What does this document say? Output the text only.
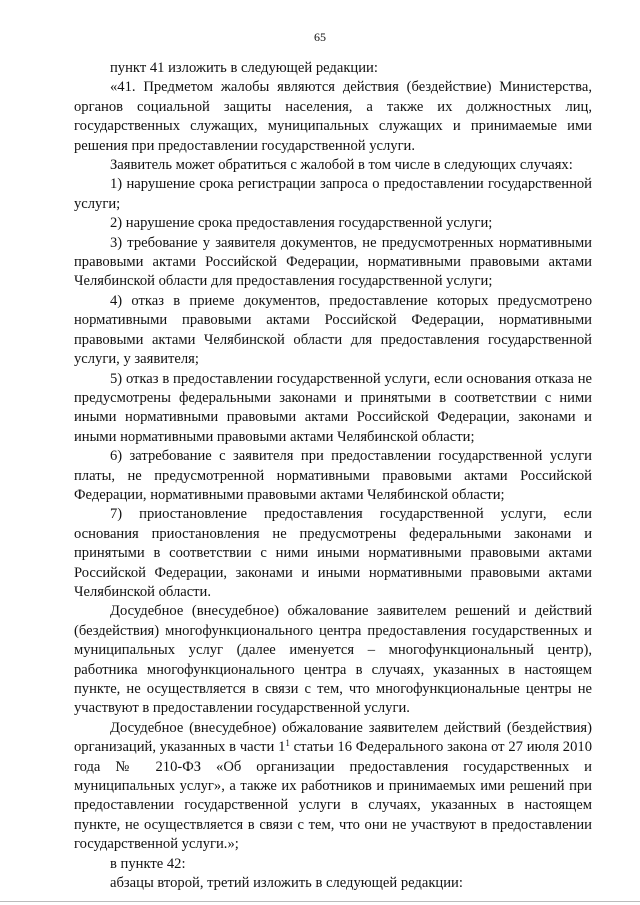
65

пункт 41 изложить в следующей редакции:

«41. Предметом жалобы являются действия (бездействие) Министерства, органов социальной защиты населения, а также их должностных лиц, государственных служащих, муниципальных служащих и принимаемые ими решения при предоставлении государственной услуги.

Заявитель может обратиться с жалобой в том числе в следующих случаях:

1) нарушение срока регистрации запроса о предоставлении государственной услуги;

2) нарушение срока предоставления государственной услуги;

3) требование у заявителя документов, не предусмотренных нормативными правовыми актами Российской Федерации, нормативными правовыми актами Челябинской области для предоставления государственной услуги;

4) отказ в приеме документов, предоставление которых предусмотрено нормативными правовыми актами Российской Федерации, нормативными правовыми актами Челябинской области для предоставления государственной услуги, у заявителя;

5) отказ в предоставлении государственной услуги, если основания отказа не предусмотрены федеральными законами и принятыми в соответствии с ними иными нормативными правовыми актами Российской Федерации, законами и иными нормативными правовыми актами Челябинской области;

6) затребование с заявителя при предоставлении государственной услуги платы, не предусмотренной нормативными правовыми актами Российской Федерации, нормативными правовыми актами Челябинской области;

7) приостановление предоставления государственной услуги, если основания приостановления не предусмотрены федеральными законами и принятыми в соответствии с ними иными нормативными правовыми актами Российской Федерации, законами и иными нормативными правовыми актами Челябинской области.

Досудебное (внесудебное) обжалование заявителем решений и действий (бездействия) многофункционального центра предоставления государственных и муниципальных услуг (далее именуется – многофункциональный центр), работника многофункционального центра в случаях, указанных в настоящем пункте, не осуществляется в связи с тем, что многофункциональные центры не участвуют в предоставлении государственной услуги.

Досудебное (внесудебное) обжалование заявителем действий (бездействия) организаций, указанных в части $1^1$ статьи 16 Федерального закона от 27 июля 2010 года № 210-ФЗ «Об организации предоставления государственных и муниципальных услуг», а также их работников и принимаемых ими решений при предоставлении государственной услуги в случаях, указанных в настоящем пункте, не осуществляется в связи с тем, что они не участвуют в предоставлении государственной услуги.»;

в пункте 42:

абзацы второй, третий изложить в следующей редакции:
